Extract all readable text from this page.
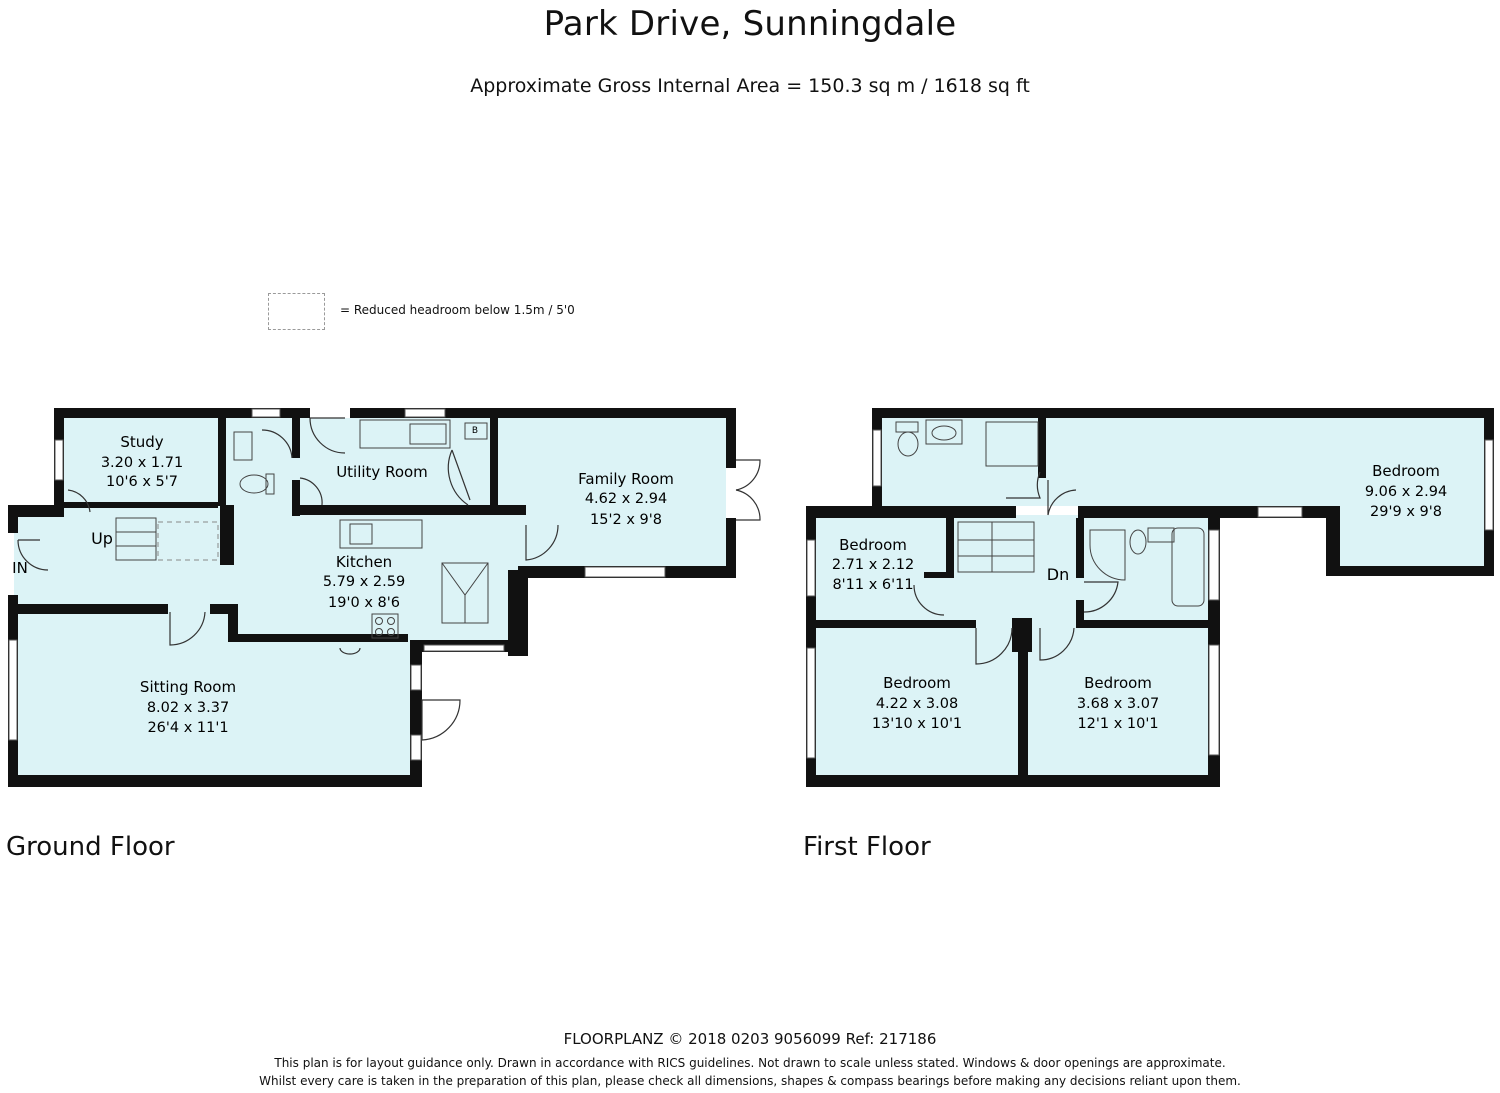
Park Drive, Sunningdale
Approximate Gross Internal Area = 150.3 sq m / 1618 sq ft
= Reduced headroom below 1.5m / 5'0
B
Up
IN
Study
3.20 x 1.71
10'6 x 5'7
Utility Room	Family Room
4.62 x 2.94
15'2 x 9'8
Kitchen
5.79 x 2.59
19'0 x 8'6
Sitting Room
8.02 x 3.37
26'4 x 11'1
Dn
Bedroom
9.06 x 2.94
29'9 x 9'8
Bedroom
2.71 x 2.12
8'11 x 6'11
Bedroom
4.22 x 3.08
13'10 x 10'1
Bedroom
3.68 x 3.07
12'1 x 10'1
Ground Floor	First Floor
FLOORPLANZ © 2018 0203 9056099 Ref: 217186
This plan is for layout guidance only. Drawn in accordance with RICS guidelines. Not drawn to scale unless stated. Windows & door openings are approximate.
Whilst every care is taken in the preparation of this plan, please check all dimensions, shapes & compass bearings before making any decisions reliant upon them.
